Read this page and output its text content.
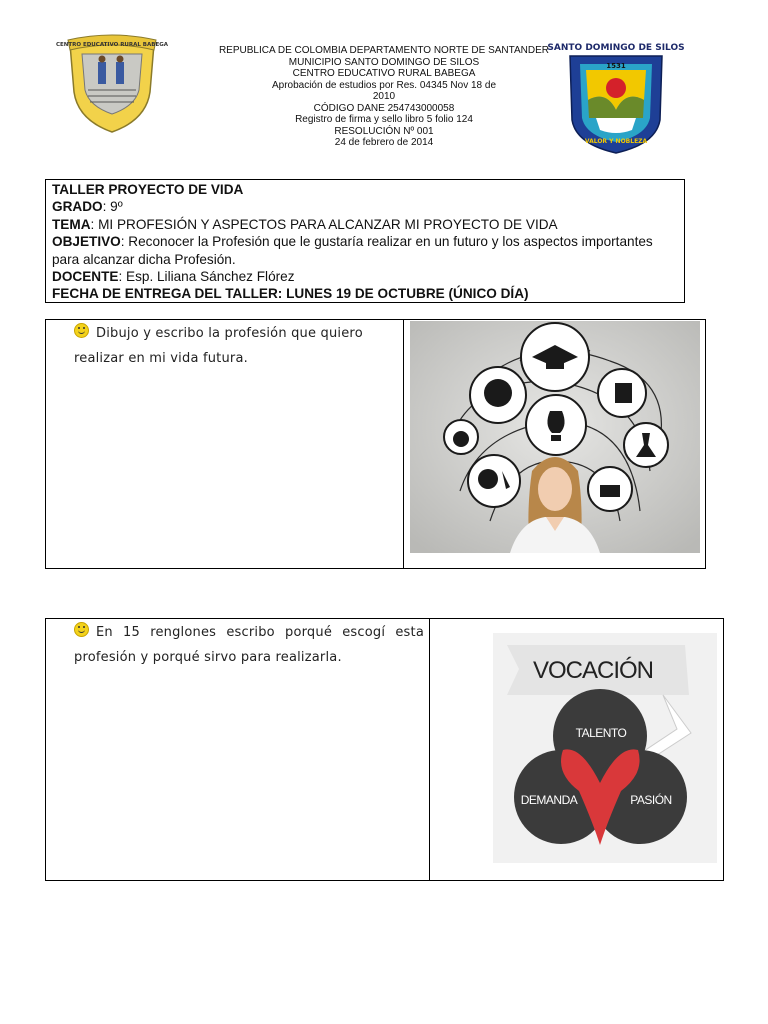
CENTRO EDUCATIVO RURAL BABEGA	REPUBLICA DE COLOMBIA DEPARTAMENTO NORTE DE SANTANDER
MUNICIPIO SANTO DOMINGO DE SILOS
CENTRO EDUCATIVO RURAL BABEGA
Aprobación de estudios por Res. 04345 Nov 18 de 2010
CÓDIGO DANE 254743000058
Registro de firma y sello libro 5 folio 124
RESOLUCIÓN Nº 001
24 de febrero de 2014
SANTO DOMINGO DE SILOS
1531
VALOR Y NOBLEZA

TALLER PROYECTO DE VIDA

GRADO: 9º

TEMA: MI PROFESIÓN Y ASPECTOS PARA ALCANZAR MI PROYECTO DE VIDA

OBJETIVO: Reconocer la Profesión que le gustaría realizar en un futuro y los aspectos importantes para alcanzar dicha Profesión.

DOCENTE: Esp. Liliana Sánchez Flórez

FECHA DE ENTREGA DEL TALLER: LUNES 19 DE OCTUBRE (ÚNICO DÍA)

Dibujo y escribo la profesión que quiero realizar en mi vida futura.
En 15 renglones escribo porqué escogí esta profesión y porqué sirvo para realizarla.	VOCACIÓN
TALENTO
DEMANDA	PASIÓN
